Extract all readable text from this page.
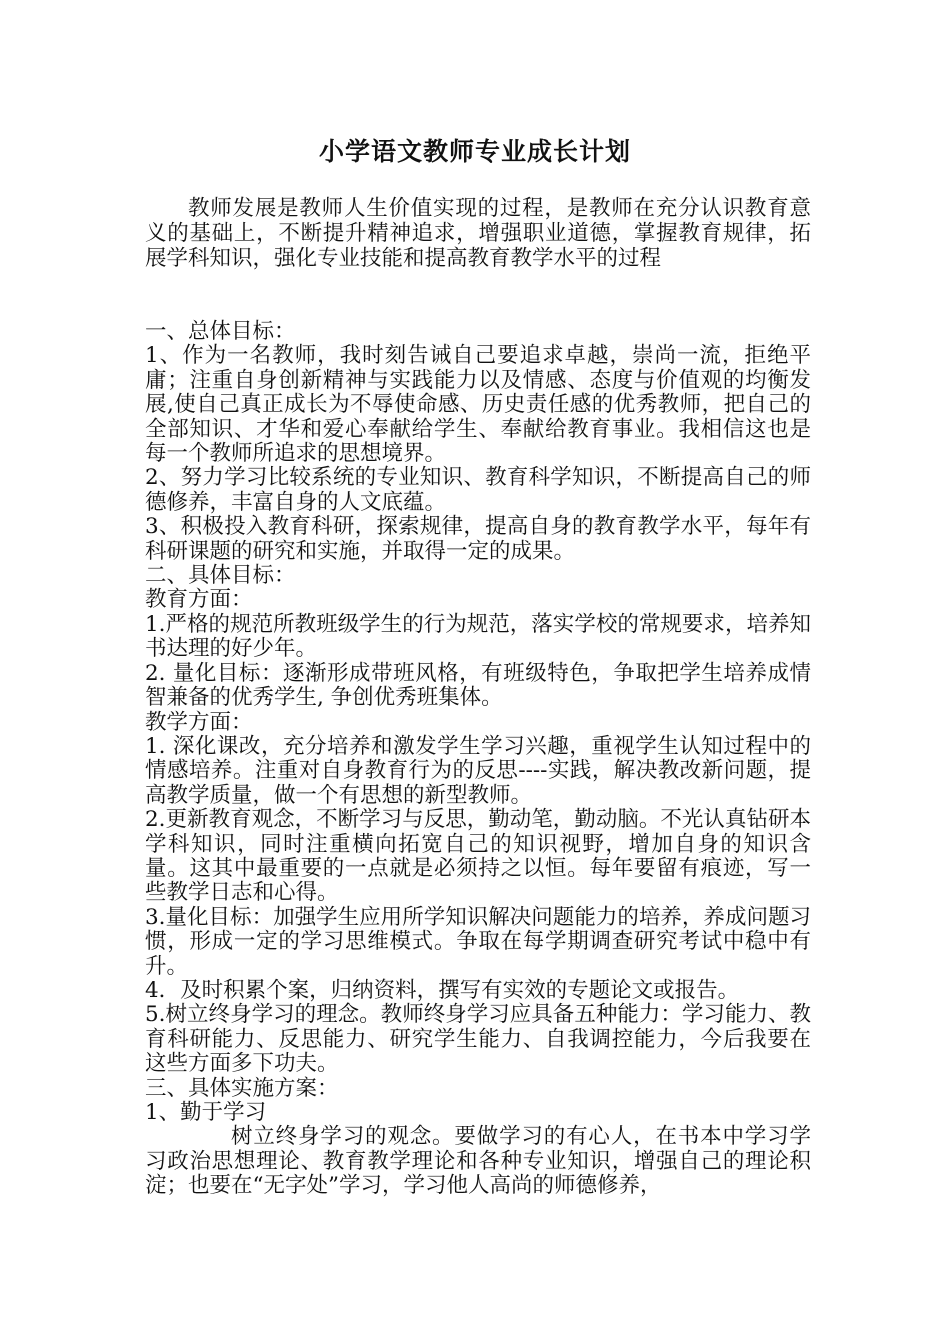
小学语文教师专业成长计划

教师发展是教师人生价值实现的过程，是教师在充分认识教育意义的基础上，不断提升精神追求，增强职业道德，掌握教育规律，拓展学科知识，强化专业技能和提高教育教学水平的过程

一、总体目标：

1、作为一名教师，我时刻告诫自己要追求卓越，崇尚一流，拒绝平庸；注重自身创新精神与实践能力以及情感、态度与价值观的均衡发展,使自己真正成长为不辱使命感、历史责任感的优秀教师，把自己的全部知识、才华和爱心奉献给学生、奉献给教育事业。我相信这也是每一个教师所追求的思想境界。

2、努力学习比较系统的专业知识、教育科学知识，不断提高自己的师德修养，丰富自身的人文底蕴。

3、积极投入教育科研，探索规律，提高自身的教育教学水平，每年有科研课题的研究和实施，并取得一定的成果。

二、具体目标：

教育方面：

1.严格的规范所教班级学生的行为规范，落实学校的常规要求，培养知书达理的好少年。

2. 量化目标：逐渐形成带班风格，有班级特色，争取把学生培养成情智兼备的优秀学生, 争创优秀班集体。

教学方面：

1. 深化课改，充分培养和激发学生学习兴趣，重视学生认知过程中的情感培养。注重对自身教育行为的反思----实践，解决教改新问题，提高教学质量，做一个有思想的新型教师。

2.更新教育观念，不断学习与反思，勤动笔，勤动脑。不光认真钻研本学科知识，同时注重横向拓宽自己的知识视野，增加自身的知识含量。这其中最重要的一点就是必须持之以恒。每年要留有痕迹，写一些教学日志和心得。

3.量化目标：加强学生应用所学知识解决问题能力的培养，养成问题习惯，形成一定的学习思维模式。争取在每学期调查研究考试中稳中有升。

4．及时积累个案，归纳资料，撰写有实效的专题论文或报告。

5.树立终身学习的理念。教师终身学习应具备五种能力：学习能力、教育科研能力、反思能力、研究学生能力、自我调控能力，今后我要在这些方面多下功夫。

三、具体实施方案：

1、勤于学习

树立终身学习的观念。要做学习的有心人，在书本中学习学习政治思想理论、教育教学理论和各种专业知识，增强自己的理论积淀；也要在“无字处”学习，学习他人高尚的师德修养，
